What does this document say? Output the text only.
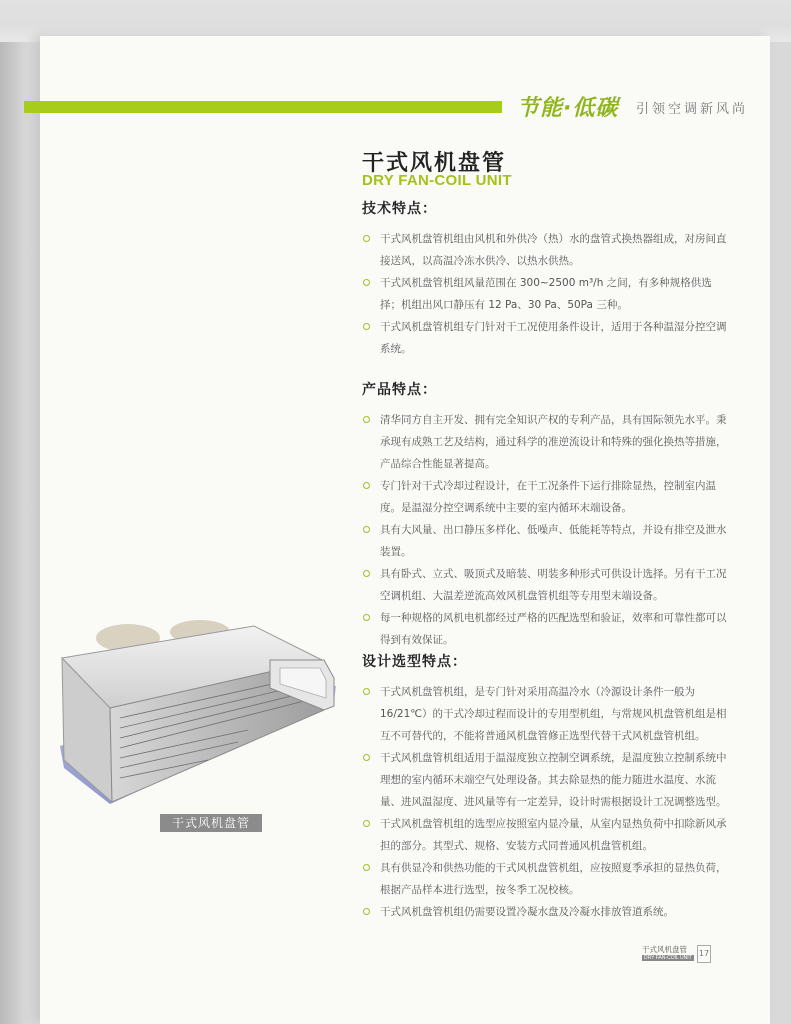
节能·低碳 引领空调新风尚
干式风机盘管
DRY FAN-COIL UNIT
技术特点：

干式风机盘管机组由风机和外供冷（热）水的盘管式换热器组成，对房间直接送风，以高温冷冻水供冷、以热水供热。

干式风机盘管机组风量范围在 300~2500 m³/h 之间，有多种规格供选择；机组出风口静压有 12 Pa、30 Pa、50Pa 三种。

干式风机盘管机组专门针对干工况使用条件设计，适用于各种温湿分控空调系统。

产品特点：

清华同方自主开发、拥有完全知识产权的专利产品，具有国际领先水平。秉承现有成熟工艺及结构，通过科学的准逆流设计和特殊的强化换热等措施，产品综合性能显著提高。

专门针对干式冷却过程设计，在干工况条件下运行排除显热，控制室内温度。是温湿分控空调系统中主要的室内循环末端设备。

具有大风量、出口静压多样化、低噪声、低能耗等特点，并设有排空及泄水装置。

具有卧式、立式、吸顶式及暗装、明装多种形式可供设计选择。另有干工况空调机组、大温差逆流高效风机盘管机组等专用型末端设备。

每一种规格的风机电机都经过严格的匹配选型和验证，效率和可靠性都可以得到有效保证。

设计选型特点：

干式风机盘管机组，是专门针对采用高温冷水（冷源设计条件一般为16/21℃）的干式冷却过程而设计的专用型机组，与常规风机盘管机组是相互不可替代的，不能将普通风机盘管修正选型代替干式风机盘管机组。

干式风机盘管机组适用于温湿度独立控制空调系统，是温度独立控制系统中理想的室内循环末端空气处理设备。其去除显热的能力随进水温度、水流量、进风温湿度、进风量等有一定差异，设计时需根据设计工况调整选型。

干式风机盘管机组的选型应按照室内显冷量，从室内显热负荷中扣除新风承担的部分。其型式、规格、安装方式同普通风机盘管机组。

具有供显冷和供热功能的干式风机盘管机组，应按照夏季承担的显热负荷，根据产品样本进行选型，按冬季工况校核。

干式风机盘管机组仍需要设置冷凝水盘及冷凝水排放管道系统。

干式风机盘管
干式风机盘管
DRY FAN-COIL UNIT 17
